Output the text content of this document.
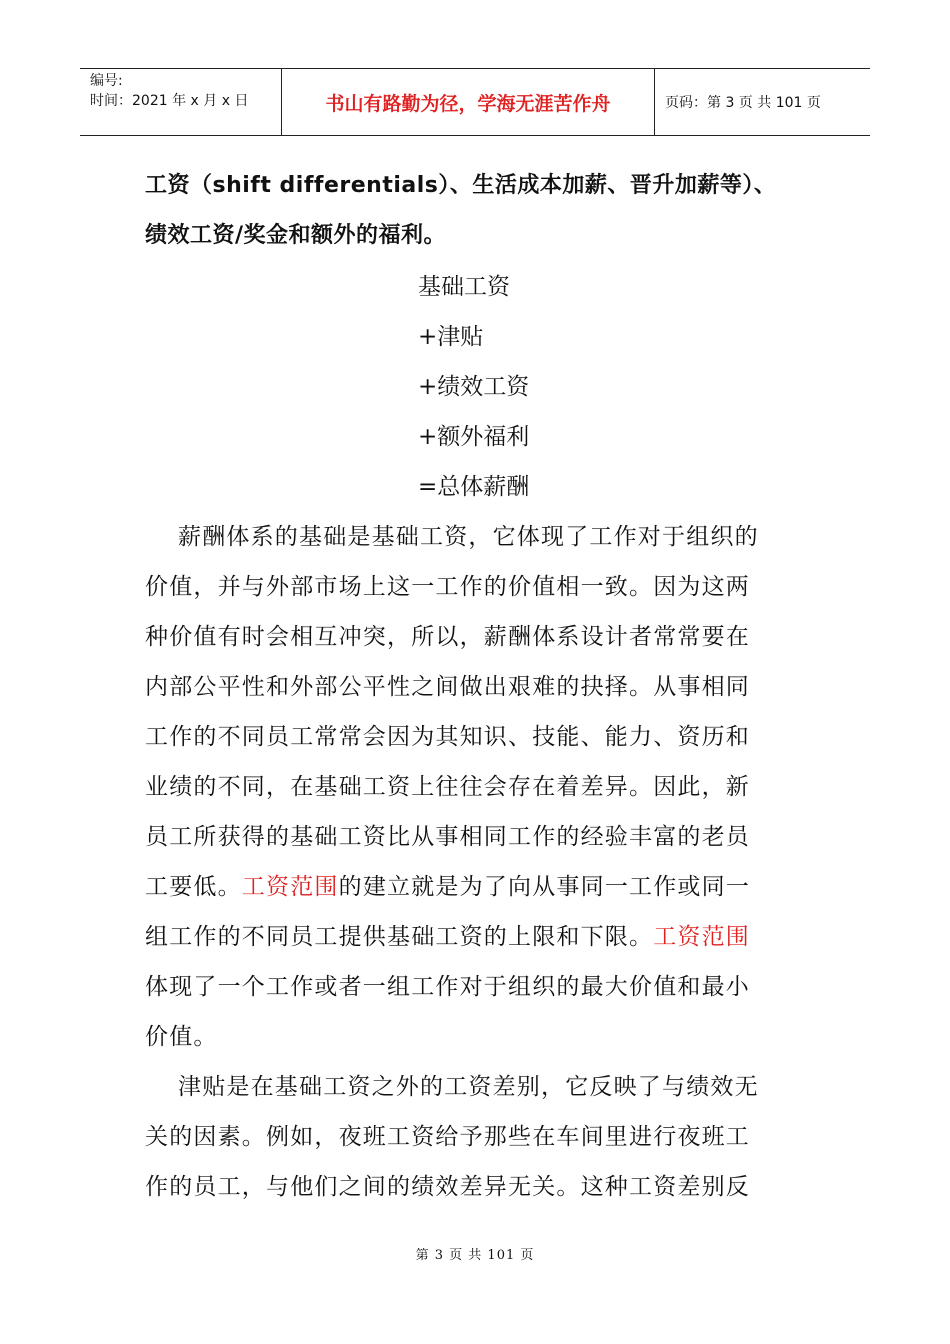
编号:
时间：2021 年 x 月 x 日	书山有路勤为径，学海无涯苦作舟	页码：第 3 页 共 101 页
工资（shift differentials）、生活成本加薪、晋升加薪等）、
绩效工资/奖金和额外的福利。
基础工资
+津贴
+绩效工资
+额外福利
=总体薪酬
薪酬体系的基础是基础工资，它体现了工作对于组织的
价值，并与外部市场上这一工作的价值相一致。因为这两
种价值有时会相互冲突，所以，薪酬体系设计者常常要在
内部公平性和外部公平性之间做出艰难的抉择。从事相同
工作的不同员工常常会因为其知识、技能、能力、资历和
业绩的不同，在基础工资上往往会存在着差异。因此，新
员工所获得的基础工资比从事相同工作的经验丰富的老员
工要低。工资范围的建立就是为了向从事同一工作或同一
组工作的不同员工提供基础工资的上限和下限。工资范围
体现了一个工作或者一组工作对于组织的最大价值和最小
价值。
津贴是在基础工资之外的工资差别，它反映了与绩效无
关的因素。例如，夜班工资给予那些在车间里进行夜班工
作的员工，与他们之间的绩效差异无关。这种工资差别反
第 3 页 共 101 页
